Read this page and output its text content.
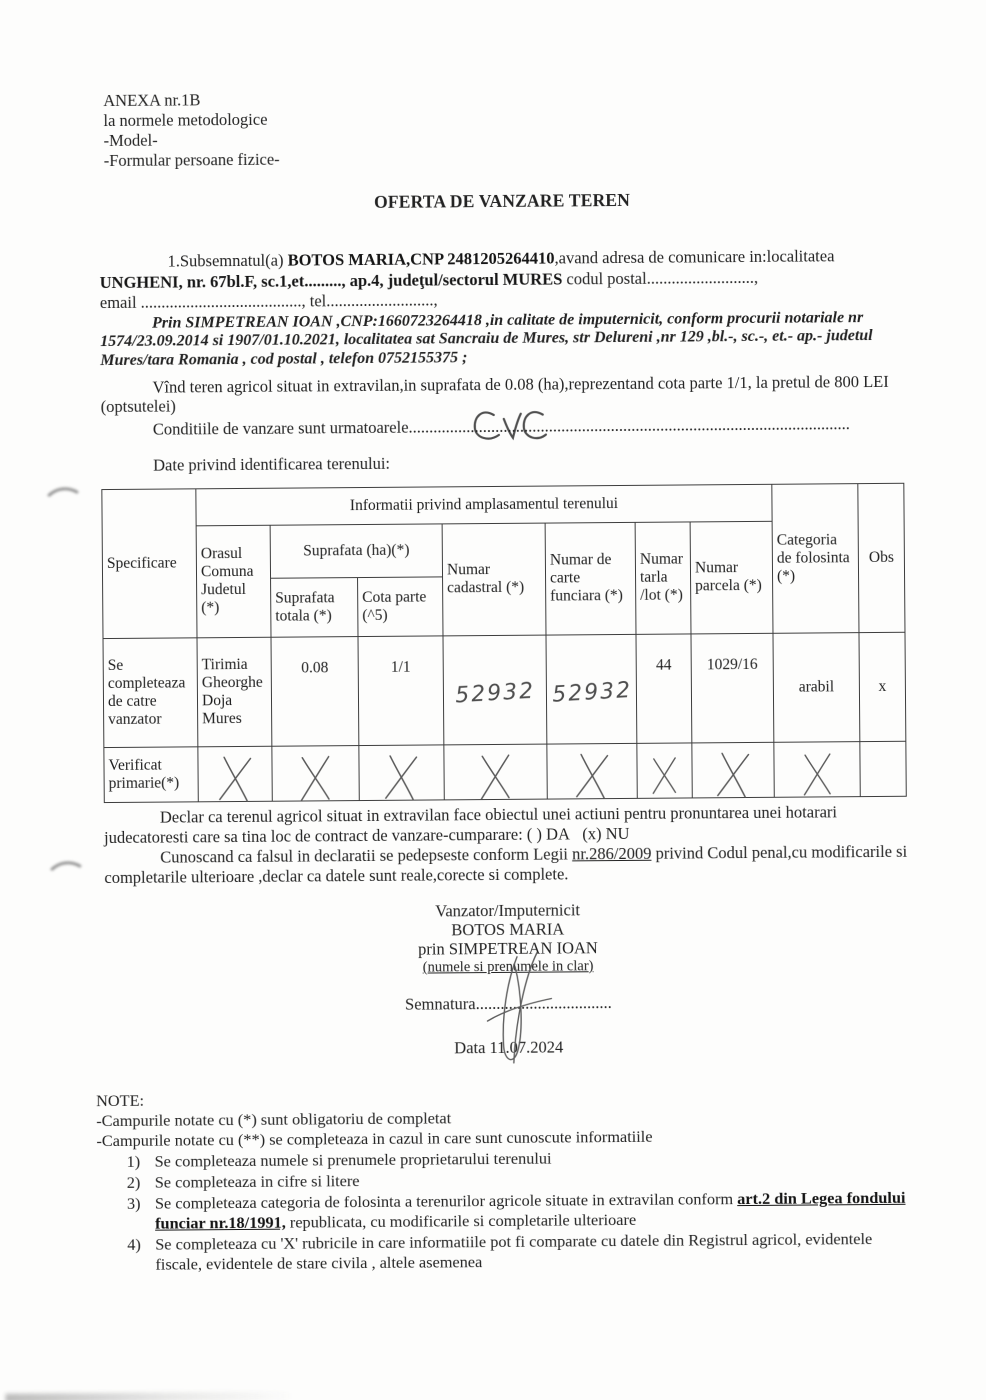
ANEXA nr.1B
la normele metodologice
-Model-
-Formular persoane fizice-
OFERTA DE VANZARE TEREN

1.Subsemnatul(a) BOTOS MARIA,CNP 2481205264410,avand adresa de comunicare in:localitatea UNGHENI, nr. 67bl.F, sc.1,et........., ap.4, judeţul/sectorul MURES codul postal..........................,

email ......................................., tel..........................,

Prin SIMPETREAN IOAN ,CNP:1660723264418 ,in calitate de imputernicit, conform procurii notariale nr 1574/23.09.2014 si 1907/01.10.2021, localitatea sat Sancraiu de Mures, str Delureni ,nr 129 ,bl.-, sc.-, et.- ap.- judetul Mures/tara Romania , cod postal , telefon 0752155375 ;

Vînd teren agricol situat in extravilan,in suprafata de 0.08 (ha),reprezentand cota parte 1/1, la pretul de 800 LEI (optsutelei)

Conditiile de vanzare sunt urmatoarele...........................................................................................................

Date privind identificarea terenului:

Specificare	Informatii privind amplasamentul terenului							Categoria de folosinta (*)	Obs
	Orasul Comuna Judetul (*)	Suprafata (ha)(*)		Numar cadastral (*)	Numar de carte funciara (*)	Numar tarla /lot (*)	Numar parcela (*)		
		Suprafata totala (*)	Cota parte (^5)						
Se completeaza de catre vanzator	Tirimia Gheorghe Doja Mures	0.08	1/1	52932	52932	44	1029/16	arabil	x
Verificat primarie(*)	

Declar ca terenul agricol situat in extravilan face obiectul unei actiuni pentru pronuntarea unei hotarari judecatoresti care sa tina loc de contract de vanzare-cumparare: ( ) DA   (x) NU

Cunoscand ca falsul in declaratii se pedepseste conform Legii nr.286/2009 privind Codul penal,cu modificarile si completarile ulterioare ,declar ca datele sunt reale,corecte si complete.

Vanzator/Imputernicit
BOTOS MARIA
prin SIMPETREAN IOAN
(numele si prenumele in clar)
Semnatura.................................
Data 11.07.2024
NOTE:
-Campurile notate cu (*) sunt obligatoriu de completat
-Campurile notate cu (**) se completeaza in cazul in care sunt cunoscute informatiile
1) Se completeaza numele si prenumele proprietarului terenului
2) Se completeaza in cifre si litere
3) Se completeaza categoria de folosinta a terenurilor agricole situate in extravilan conform art.2 din Legea fondului funciar nr.18/1991, republicata, cu modificarile si completarile ulterioare
4) Se completeaza cu 'X' rubricile in care informatiile pot fi comparate cu datele din Registrul agricol, evidentele fiscale, evidentele de stare civila , altele asemenea
